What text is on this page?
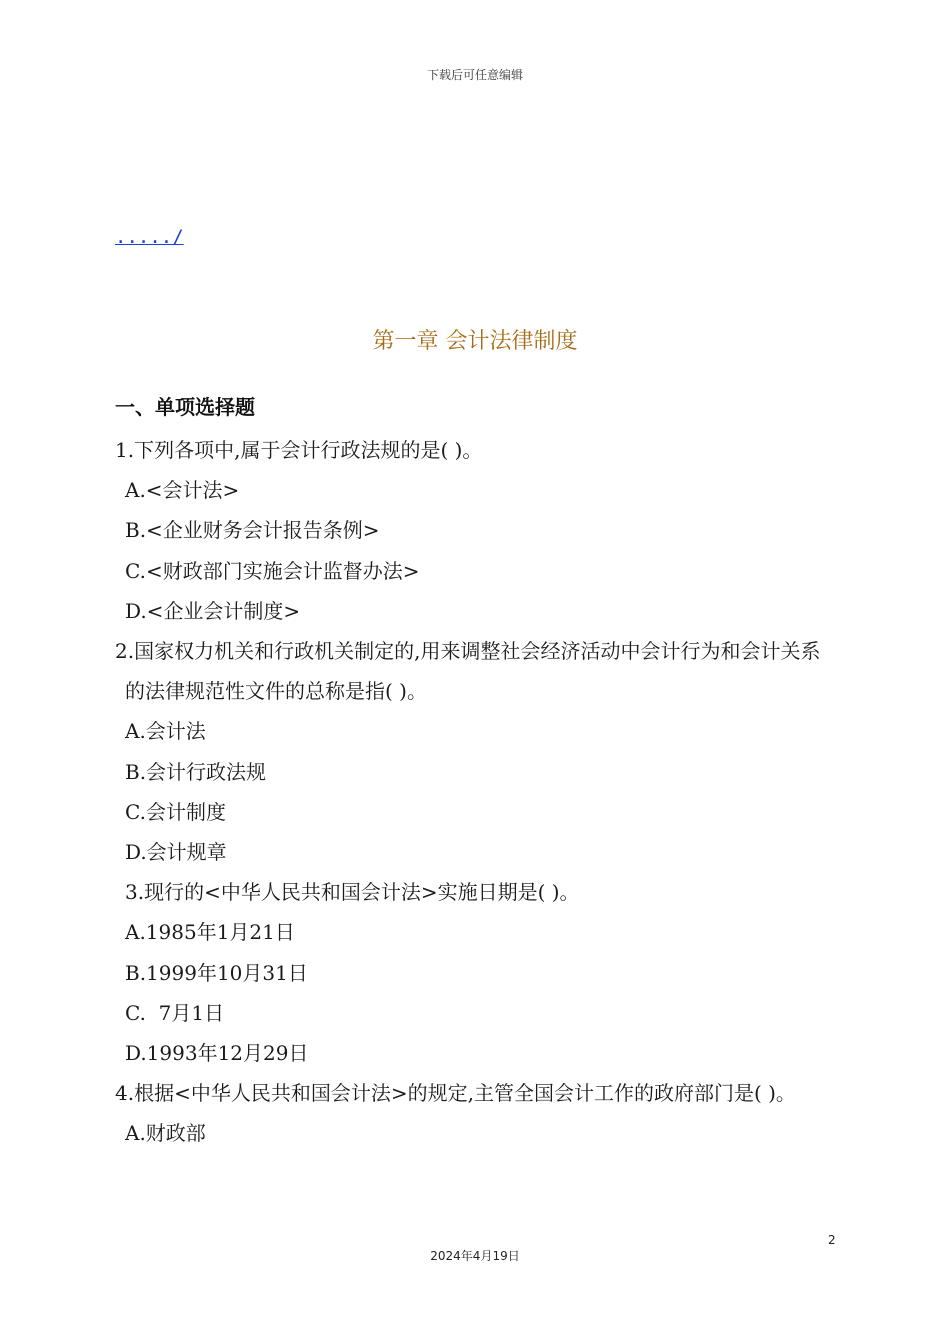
下载后可任意编辑
...../
第一章 会计法律制度
一、单项选择题
1.下列各项中,属于会计行政法规的是( )。
A.<会计法>
B.<企业财务会计报告条例>
C.<财政部门实施会计监督办法>
D.<企业会计制度>
2.国家权力机关和行政机关制定的,用来调整社会经济活动中会计行为和会计关系的法律规范性文件的总称是指( )。
A.会计法
B.会计行政法规
C.会计制度
D.会计规章
3.现行的<中华人民共和国会计法>实施日期是( )。
A.1985年1月21日
B.1999年10月31日
C.  7月1日
D.1993年12月29日
4.根据<中华人民共和国会计法>的规定,主管全国会计工作的政府部门是( )。
A.财政部
2
2024年4月19日
